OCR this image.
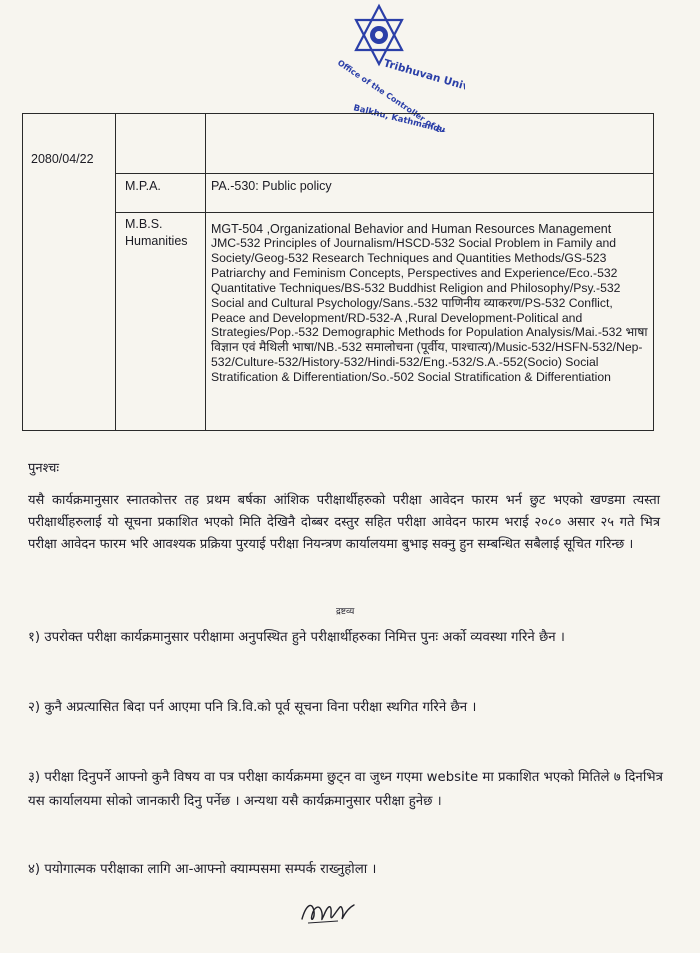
Tribhuvan University
Office of the Controller of
Balkhu, Kathmandu
2080/04/22
M.P.A.	PA.-530: Public policy
M.B.S.	MGT-504 ,Organizational Behavior and Human Resources Management
Humanities JMC-532 Principles of Journalism/HSCD-532 Social Problem in Family and Society/Geog-532 Research Techniques and Quantities Methods/GS-523 Patriarchy and Feminism Concepts, Perspectives and Experience/Eco.-532 Quantitative Techniques/BS-532 Buddhist Religion and Philosophy/Psy.-532 Social and Cultural Psychology/Sans.-532 पाणिनीय व्याकरण/PS-532 Conflict, Peace and Development/RD-532-A ,Rural Development-Political and Strategies/Pop.-532 Demographic Methods for Population Analysis/Mai.-532 भाषा विज्ञान एवं मैथिली भाषा/NB.-532 समालोचना (पूर्वीय, पाश्चात्य)/Music-532/HSFN-532/Nep-532/Culture-532/History-532/Hindi-532/Eng.-532/S.A.-552(Socio) Social Stratification & Differentiation/So.-502 Social Stratification & Differentiation
पुनश्चः
यसै कार्यक्रमानुसार स्नातकोत्तर तह प्रथम बर्षका आंशिक परीक्षार्थीहरुको परीक्षा आवेदन फारम भर्न छुट भएको खण्डमा त्यस्ता परीक्षार्थीहरुलाई यो सूचना प्रकाशित भएको मिति देखिनै दोब्बर दस्तुर सहित परीक्षा आवेदन फारम भराई २०८० असार २५ गते भित्र परीक्षा आवेदन फारम भरि आवश्यक प्रक्रिया पुरयाई परीक्षा नियन्त्रण कार्यालयमा बुभाइ सक्नु हुन सम्बन्धित सबैलाई सूचित गरिन्छ ।
द्रष्टव्य
१) उपरोक्त परीक्षा कार्यक्रमानुसार परीक्षामा अनुपस्थित हुने परीक्षार्थीहरुका निमित्त पुनः अर्को व्यवस्था गरिने छैन ।
२) कुनै अप्रत्यासित बिदा पर्न आएमा पनि त्रि.वि.को पूर्व सूचना विना परीक्षा स्थगित गरिने छैन ।
३) परीक्षा दिनुपर्ने आफ्नो कुनै विषय वा पत्र परीक्षा कार्यक्रममा छुट्न वा जुध्न गएमा website मा प्रकाशित भएको मितिले ७ दिनभित्र यस कार्यालयमा सोको जानकारी दिनु पर्नेछ । अन्यथा यसै कार्यक्रमानुसार परीक्षा हुनेछ ।
४) पयोगात्मक परीक्षाका लागि आ-आफ्नो क्याम्पसमा सम्पर्क राख्नुहोला ।
